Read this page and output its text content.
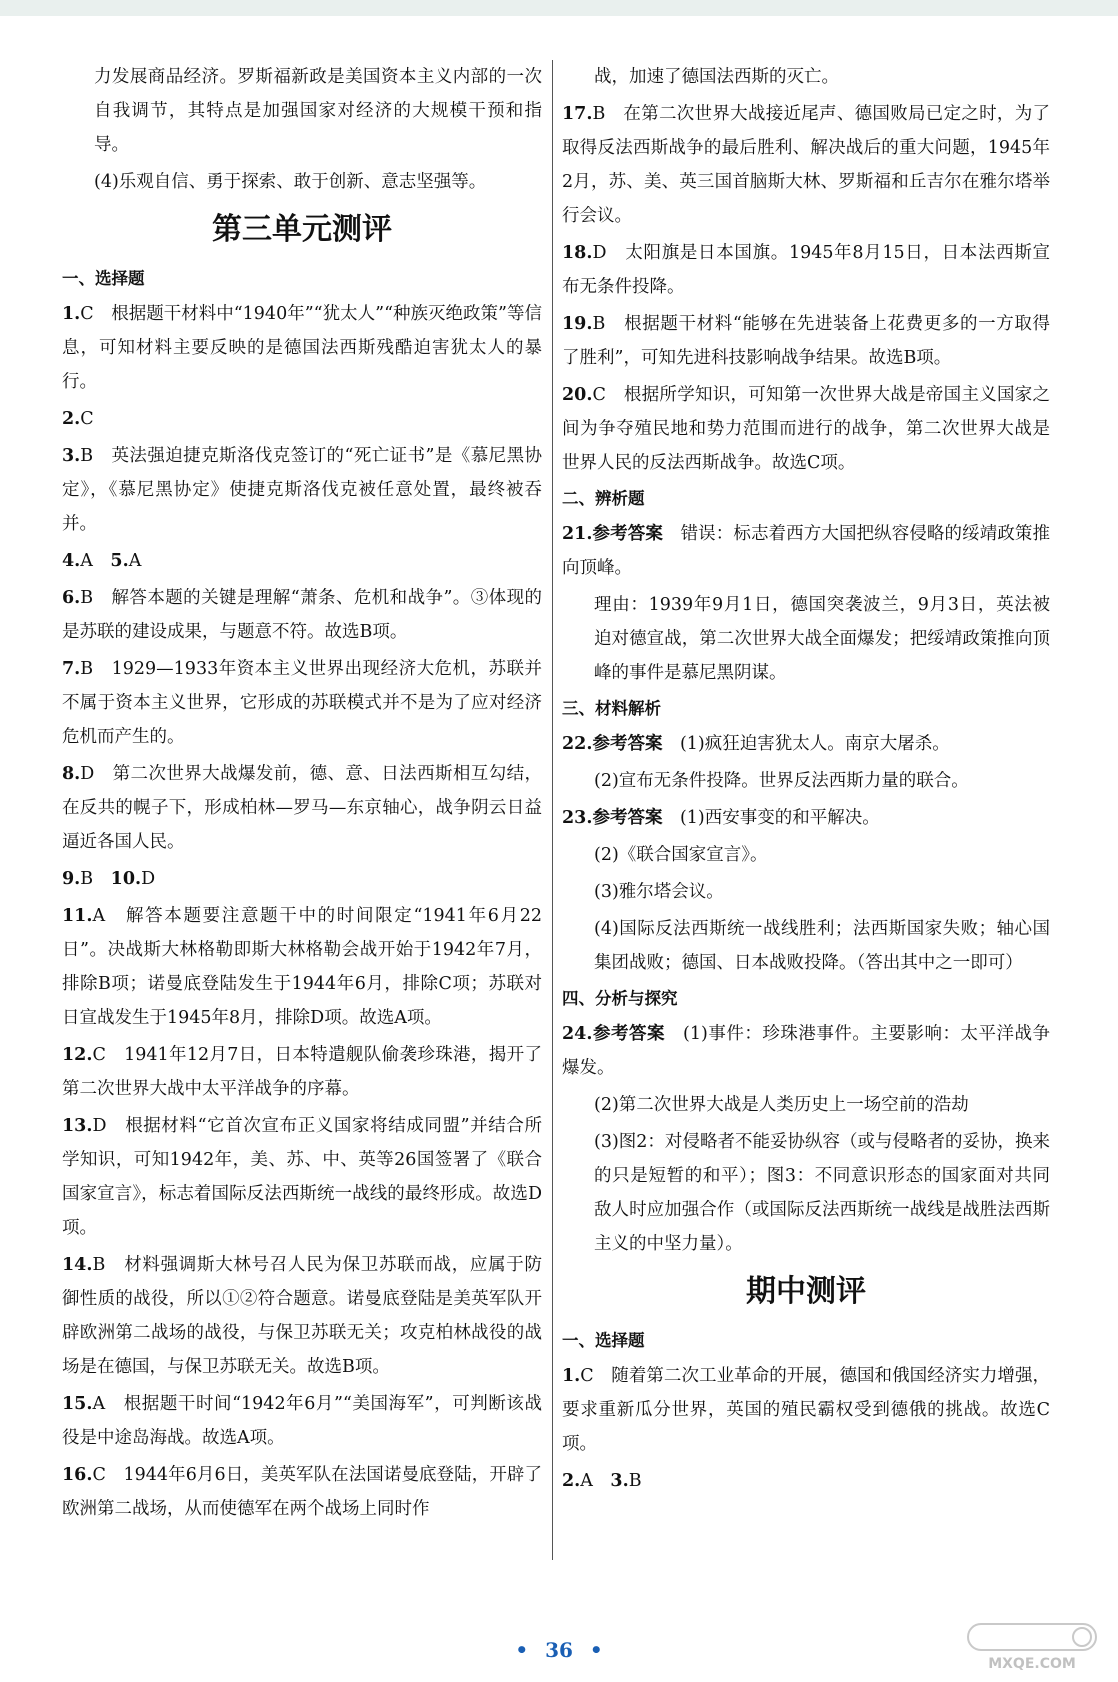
力发展商品经济。罗斯福新政是美国资本主义内部的一次自我调节，其特点是加强国家对经济的大规模干预和指导。

(4)乐观自信、勇于探索、敢于创新、意志坚强等。

第三单元测评
一、选择题

1.C　 根据题干材料中“1940年”“犹太人”“种族灭绝政策”等信息，可知材料主要反映的是德国法西斯残酷迫害犹太人的暴行。

2.C

3.B　 英法强迫捷克斯洛伐克签订的“死亡证书”是《慕尼黑协定》，《慕尼黑协定》使捷克斯洛伐克被任意处置，最终被吞并。

4.A　 5.A

6.B　 解答本题的关键是理解“萧条、危机和战争”。③体现的是苏联的建设成果，与题意不符。故选B项。

7.B　 1929—1933年资本主义世界出现经济大危机，苏联并不属于资本主义世界，它形成的苏联模式并不是为了应对经济危机而产生的。

8.D　 第二次世界大战爆发前，德、意、日法西斯相互勾结，在反共的幌子下，形成柏林—罗马—东京轴心，战争阴云日益逼近各国人民。

9.B　 10.D

11.A　 解答本题要注意题干中的时间限定“1941年6月22日”。决战斯大林格勒即斯大林格勒会战开始于1942年7月，排除B项；诺曼底登陆发生于1944年6月，排除C项；苏联对日宣战发生于1945年8月，排除D项。故选A项。

12.C　 1941年12月7日，日本特遣舰队偷袭珍珠港，揭开了第二次世界大战中太平洋战争的序幕。

13.D　 根据材料“它首次宣布正义国家将结成同盟”并结合所学知识，可知1942年，美、苏、中、英等26国签署了《联合国家宣言》，标志着国际反法西斯统一战线的最终形成。故选D项。

14.B　 材料强调斯大林号召人民为保卫苏联而战，应属于防御性质的战役，所以①②符合题意。诺曼底登陆是美英军队开辟欧洲第二战场的战役，与保卫苏联无关；攻克柏林战役的战场是在德国，与保卫苏联无关。故选B项。

15.A　 根据题干时间“1942年6月”“美国海军”，可判断该战役是中途岛海战。故选A项。

16.C　 1944年6月6日，美英军队在法国诺曼底登陆，开辟了欧洲第二战场，从而使德军在两个战场上同时作

战，加速了德国法西斯的灭亡。

17.B　 在第二次世界大战接近尾声、德国败局已定之时，为了取得反法西斯战争的最后胜利、解决战后的重大问题，1945年2月，苏、美、英三国首脑斯大林、罗斯福和丘吉尔在雅尔塔举行会议。

18.D　 太阳旗是日本国旗。1945年8月15日，日本法西斯宣布无条件投降。

19.B　 根据题干材料“能够在先进装备上花费更多的一方取得了胜利”，可知先进科技影响战争结果。故选B项。

20.C　 根据所学知识，可知第一次世界大战是帝国主义国家之间为争夺殖民地和势力范围而进行的战争，第二次世界大战是世界人民的反法西斯战争。故选C项。

二、辨析题

21.参考答案　 错误：标志着西方大国把纵容侵略的绥靖政策推向顶峰。

理由：1939年9月1日，德国突袭波兰，9月3日，英法被迫对德宣战，第二次世界大战全面爆发；把绥靖政策推向顶峰的事件是慕尼黑阴谋。

三、材料解析

22.参考答案　 (1)疯狂迫害犹太人。南京大屠杀。

(2)宣布无条件投降。世界反法西斯力量的联合。

23.参考答案　 (1)西安事变的和平解决。

(2)《联合国家宣言》。

(3)雅尔塔会议。

(4)国际反法西斯统一战线胜利；法西斯国家失败；轴心国集团战败；德国、日本战败投降。（答出其中之一即可）

四、分析与探究

24.参考答案　 (1)事件：珍珠港事件。主要影响：太平洋战争爆发。

(2)第二次世界大战是人类历史上一场空前的浩劫

(3)图2：对侵略者不能妥协纵容（或与侵略者的妥协，换来的只是短暂的和平）；图3：不同意识形态的国家面对共同敌人时应加强合作（或国际反法西斯统一战线是战胜法西斯主义的中坚力量）。

期中测评
一、选择题

1.C　 随着第二次工业革命的开展，德国和俄国经济实力增强，要求重新瓜分世界，英国的殖民霸权受到德俄的挑战。故选C项。

2.A　 3.B

• 36 •
MXQE.COM
